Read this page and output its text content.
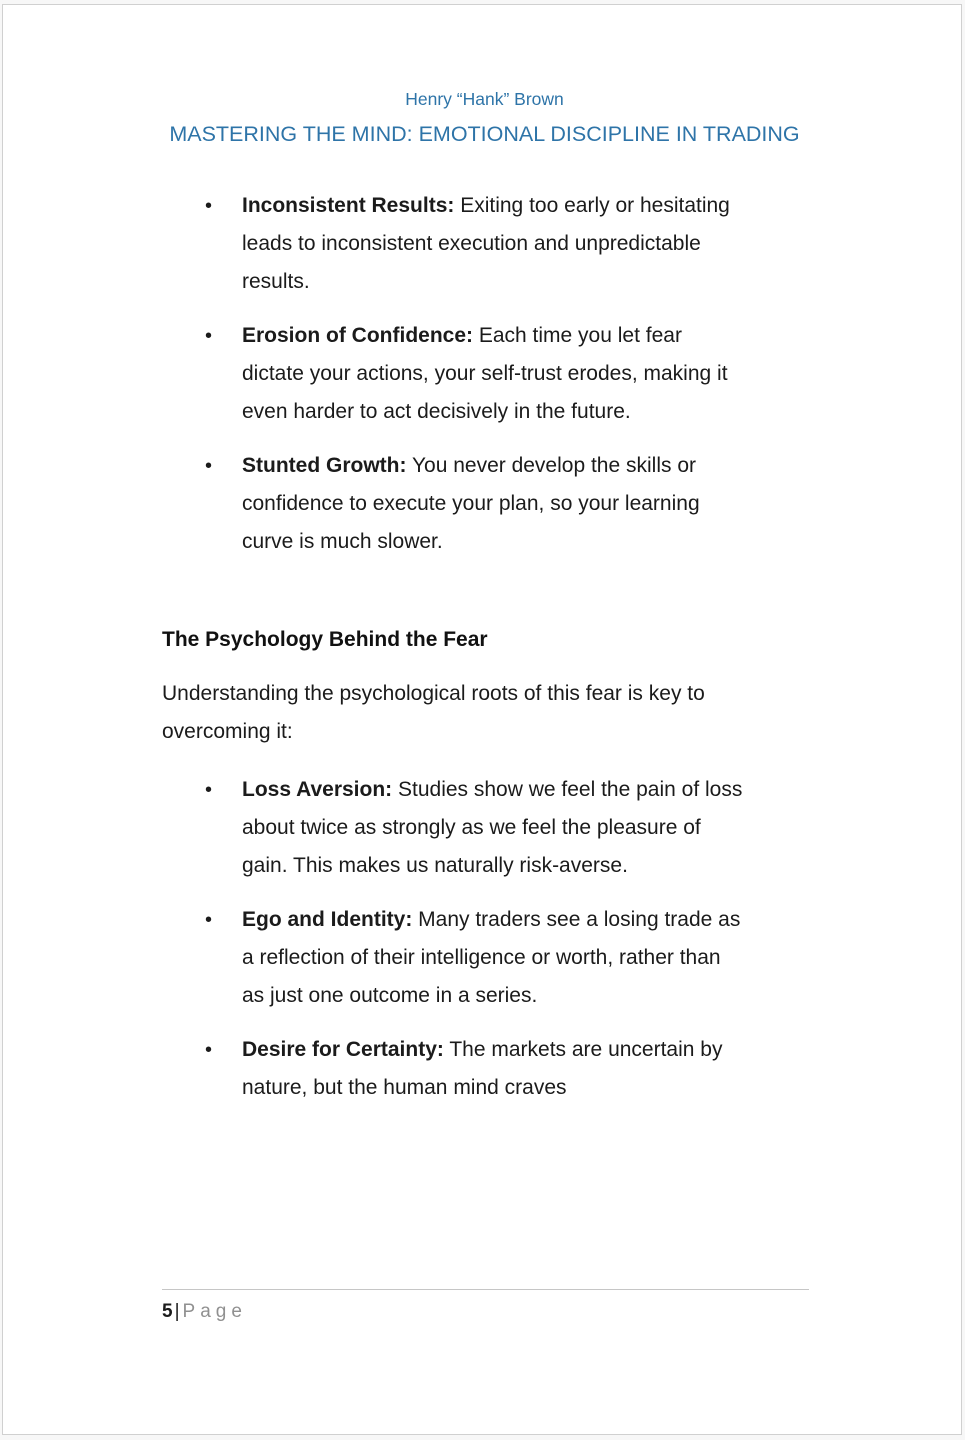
Henry “Hank” Brown
MASTERING THE MIND: EMOTIONAL DISCIPLINE IN TRADING
• Inconsistent Results: Exiting too early or hesitating leads to inconsistent execution and unpredictable results.
• Erosion of Confidence: Each time you let fear dictate your actions, your self-trust erodes, making it even harder to act decisively in the future.
• Stunted Growth: You never develop the skills or confidence to execute your plan, so your learning curve is much slower.
The Psychology Behind the Fear

Understanding the psychological roots of this fear is key to overcoming it:

• Loss Aversion: Studies show we feel the pain of loss about twice as strongly as we feel the pleasure of gain. This makes us naturally risk-averse.
• Ego and Identity: Many traders see a losing trade as a reflection of their intelligence or worth, rather than as just one outcome in a series.
• Desire for Certainty: The markets are uncertain by nature, but the human mind craves
5 | Page
